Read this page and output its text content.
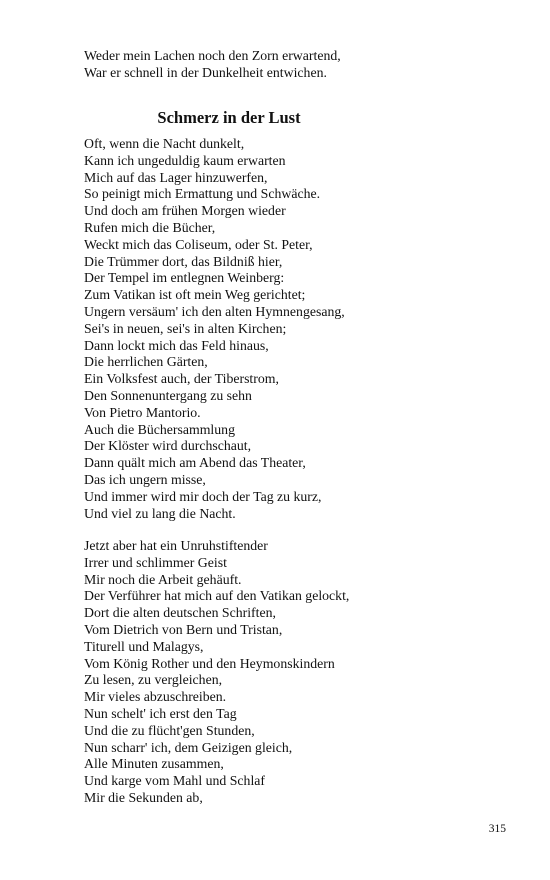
Weder mein Lachen noch den Zorn erwartend,
War er schnell in der Dunkelheit entwichen.
Schmerz in der Lust
Oft, wenn die Nacht dunkelt,
Kann ich ungeduldig kaum erwarten
Mich auf das Lager hinzuwerfen,
So peinigt mich Ermattung und Schwäche.
Und doch am frühen Morgen wieder
Rufen mich die Bücher,
Weckt mich das Coliseum, oder St. Peter,
Die Trümmer dort, das Bildniß hier,
Der Tempel im entlegnen Weinberg:
Zum Vatikan ist oft mein Weg gerichtet;
Ungern versäum' ich den alten Hymnengesang,
Sei's in neuen, sei's in alten Kirchen;
Dann lockt mich das Feld hinaus,
Die herrlichen Gärten,
Ein Volksfest auch, der Tiberstrom,
Den Sonnenuntergang zu sehn
Von Pietro Mantorio.
Auch die Büchersammlung
Der Klöster wird durchschaut,
Dann quält mich am Abend das Theater,
Das ich ungern misse,
Und immer wird mir doch der Tag zu kurz,
Und viel zu lang die Nacht.
Jetzt aber hat ein Unruhstiftender
Irrer und schlimmer Geist
Mir noch die Arbeit gehäuft.
Der Verführer hat mich auf den Vatikan gelockt,
Dort die alten deutschen Schriften,
Vom Dietrich von Bern und Tristan,
Titurell und Malagys,
Vom König Rother und den Heymonskindern
Zu lesen, zu vergleichen,
Mir vieles abzuschreiben.
Nun schelt' ich erst den Tag
Und die zu flücht'gen Stunden,
Nun scharr' ich, dem Geizigen gleich,
Alle Minuten zusammen,
Und karge vom Mahl und Schlaf
Mir die Sekunden ab,
315
